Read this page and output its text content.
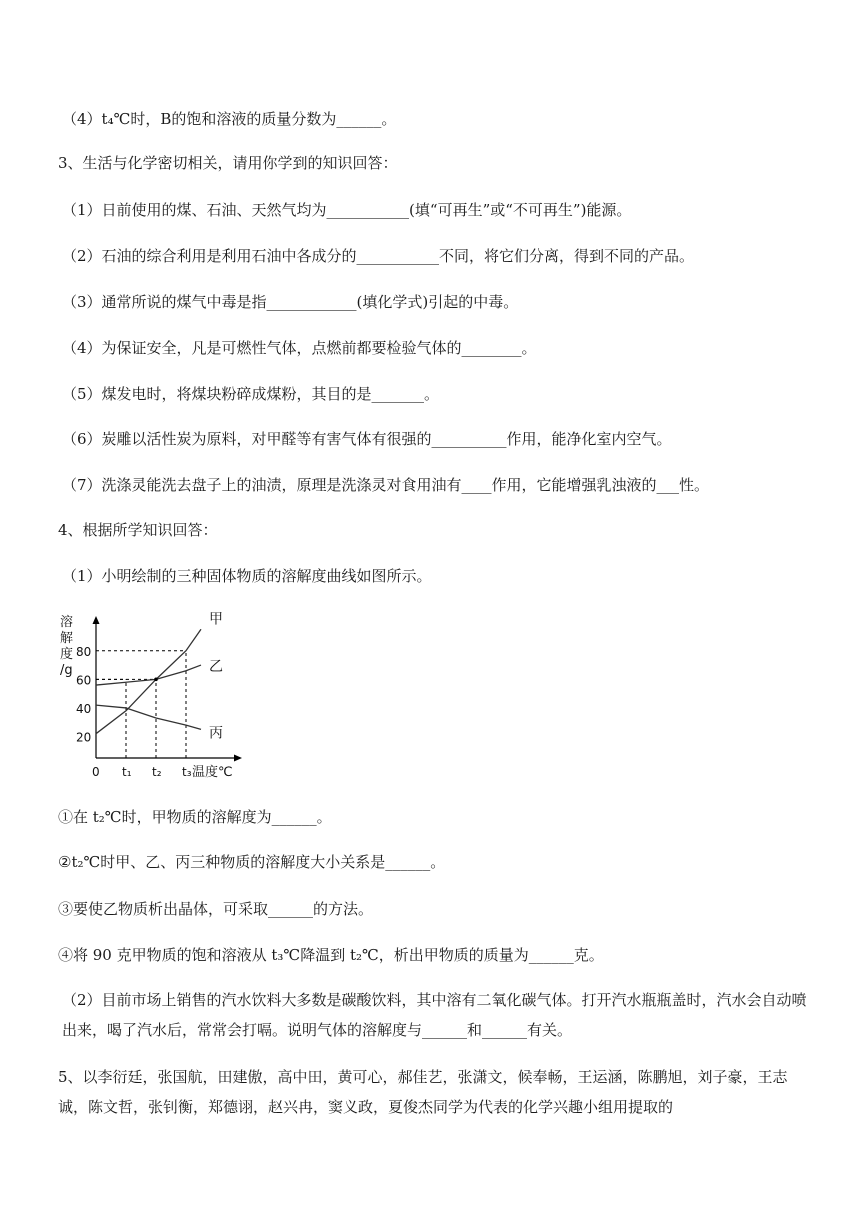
（4）t₄℃时，B的饱和溶液的质量分数为______。
3、生活与化学密切相关，请用你学到的知识回答：
（1）日前使用的煤、石油、天然气均为___________(填“可再生”或“不可再生”)能源。
（2）石油的综合利用是利用石油中各成分的___________不同，将它们分离，得到不同的产品。
（3）通常所说的煤气中毒是指____________(填化学式)引起的中毒。
（4）为保证安全，凡是可燃性气体，点燃前都要检验气体的________。
（5）煤发电时，将煤块粉碎成煤粉，其目的是_______。
（6）炭雕以活性炭为原料，对甲醛等有害气体有很强的__________作用，能净化室内空气。
（7）洗涤灵能洗去盘子上的油渍，原理是洗涤灵对食用油有____作用，它能增强乳浊液的___性。
4、根据所学知识回答：
（1）小明绘制的三种固体物质的溶解度曲线如图所示。
溶
解
度
/g
20
40
60
80
0 t₁ t₂ t₃
甲
乙
丙
温度℃
①在 t₂℃时，甲物质的溶解度为______。
②t₂℃时甲、乙、丙三种物质的溶解度大小关系是______。
③要使乙物质析出晶体，可采取______的方法。
④将 90 克甲物质的饱和溶液从 t₃℃降温到 t₂℃，析出甲物质的质量为______克。
（2）目前市场上销售的汽水饮料大多数是碳酸饮料，其中溶有二氧化碳气体。打开汽水瓶瓶盖时，汽水会自动喷出来，喝了汽水后，常常会打嗝。说明气体的溶解度与______和______有关。
5、以李衍廷，张国航，田建傲，高中田，黄可心，郝佳艺，张潇文，候奉畅，王运涵，陈鹏旭，刘子豪，王志诚，陈文哲，张钊衡，郑德诩，赵兴冉，窦义政，夏俊杰同学为代表的化学兴趣小组用提取的
